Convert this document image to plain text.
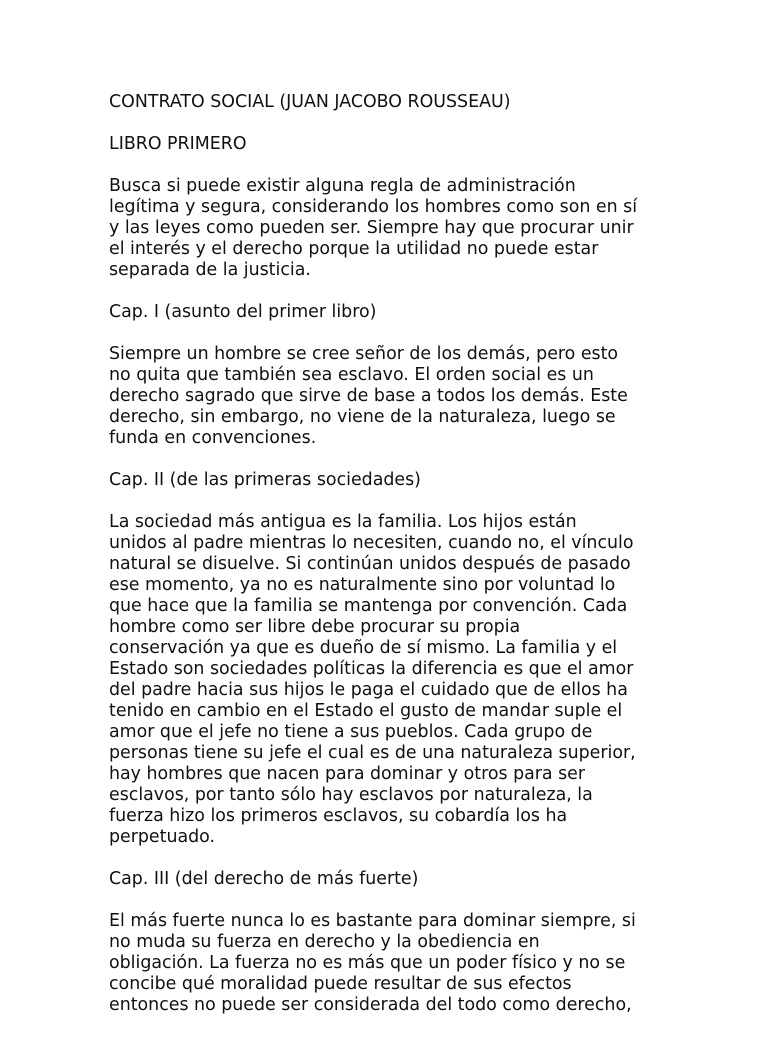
CONTRATO SOCIAL (JUAN JACOBO ROUSSEAU)

LIBRO PRIMERO

Busca si puede existir alguna regla de administración
legítima y segura, considerando los hombres como son en sí
y las leyes como pueden ser. Siempre hay que procurar unir
el interés y el derecho porque la utilidad no puede estar
separada de la justicia.

Cap. I (asunto del primer libro)

Siempre un hombre se cree señor de los demás, pero esto
no quita que también sea esclavo. El orden social es un
derecho sagrado que sirve de base a todos los demás. Este
derecho, sin embargo, no viene de la naturaleza, luego se
funda en convenciones.

Cap. II (de las primeras sociedades)

La sociedad más antigua es la familia. Los hijos están
unidos al padre mientras lo necesiten, cuando no, el vínculo
natural se disuelve. Si continúan unidos después de pasado
ese momento, ya no es naturalmente sino por voluntad lo
que hace que la familia se mantenga por convención. Cada
hombre como ser libre debe procurar su propia
conservación ya que es dueño de sí mismo. La familia y el
Estado son sociedades políticas la diferencia es que el amor
del padre hacia sus hijos le paga el cuidado que de ellos ha
tenido en cambio en el Estado el gusto de mandar suple el
amor que el jefe no tiene a sus pueblos. Cada grupo de
personas tiene su jefe el cual es de una naturaleza superior,
hay hombres que nacen para dominar y otros para ser
esclavos, por tanto sólo hay esclavos por naturaleza, la
fuerza hizo los primeros esclavos, su cobardía los ha
perpetuado.

Cap. III (del derecho de más fuerte)

El más fuerte nunca lo es bastante para dominar siempre, si
no muda su fuerza en derecho y la obediencia en
obligación. La fuerza no es más que un poder físico y no se
concibe qué moralidad puede resultar de sus efectos
entonces no puede ser considerada del todo como derecho,
